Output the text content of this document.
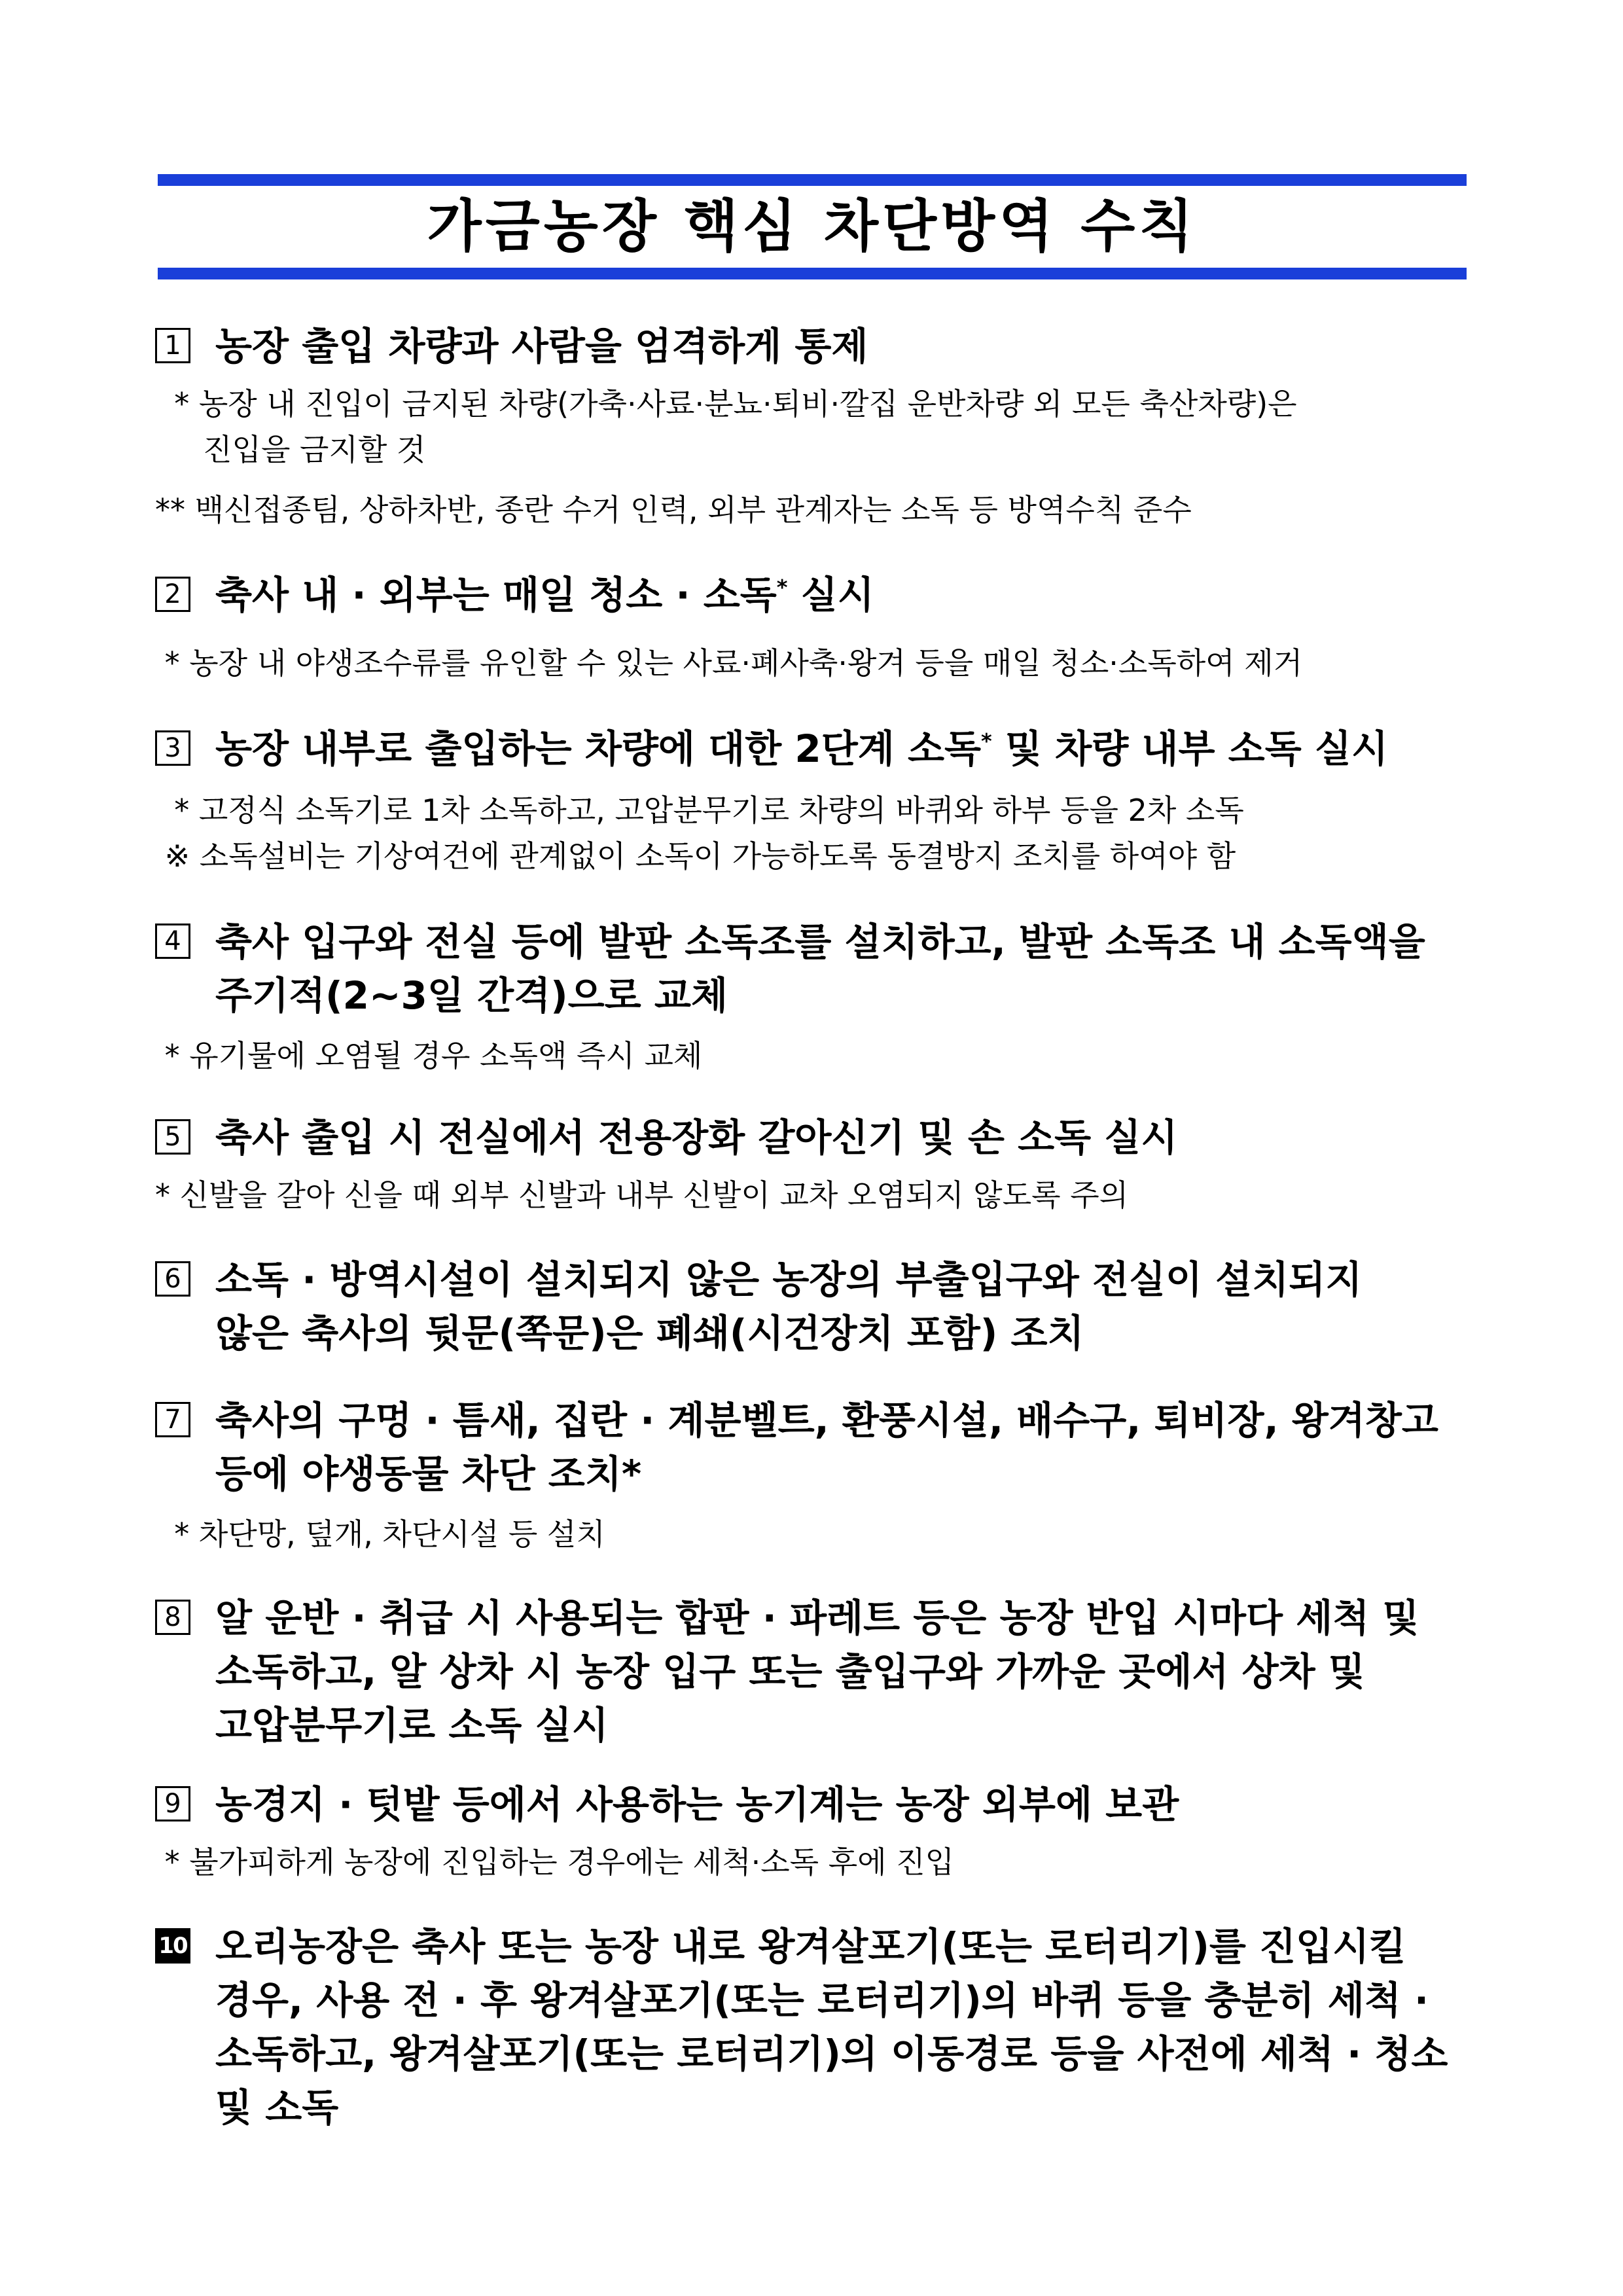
가금농장 핵심 차단방역 수칙
1 농장 출입 차량과 사람을 엄격하게 통제

* 농장 내 진입이 금지된 차량(가축·사료·분뇨·퇴비·깔집 운반차량 외 모든 축산차량)은

진입을 금지할 것

** 백신접종팀, 상하차반, 종란 수거 인력, 외부 관계자는 소독 등 방역수칙 준수

2 축사 내 · 외부는 매일 청소 · 소독* 실시

* 농장 내 야생조수류를 유인할 수 있는 사료·폐사축·왕겨 등을 매일 청소·소독하여 제거

3 농장 내부로 출입하는 차량에 대한 2단계 소독* 및 차량 내부 소독 실시

* 고정식 소독기로 1차 소독하고, 고압분무기로 차량의 바퀴와 하부 등을 2차 소독

※ 소독설비는 기상여건에 관계없이 소독이 가능하도록 동결방지 조치를 하여야 함

4 축사 입구와 전실 등에 발판 소독조를 설치하고, 발판 소독조 내 소독액을
주기적(2~3일 간격)으로 교체

* 유기물에 오염될 경우 소독액 즉시 교체

5 축사 출입 시 전실에서 전용장화 갈아신기 및 손 소독 실시

* 신발을 갈아 신을 때 외부 신발과 내부 신발이 교차 오염되지 않도록 주의

6 소독 · 방역시설이 설치되지 않은 농장의 부출입구와 전실이 설치되지
않은 축사의 뒷문(쪽문)은 폐쇄(시건장치 포함) 조치
7 축사의 구멍 · 틈새, 집란 · 계분벨트, 환풍시설, 배수구, 퇴비장, 왕겨창고
등에 야생동물 차단 조치*

* 차단망, 덮개, 차단시설 등 설치

8 알 운반 · 취급 시 사용되는 합판 · 파레트 등은 농장 반입 시마다 세척 및
소독하고, 알 상차 시 농장 입구 또는 출입구와 가까운 곳에서 상차 및
고압분무기로 소독 실시
9 농경지 · 텃밭 등에서 사용하는 농기계는 농장 외부에 보관

* 불가피하게 농장에 진입하는 경우에는 세척·소독 후에 진입

10 오리농장은 축사 또는 농장 내로 왕겨살포기(또는 로터리기)를 진입시킬
경우, 사용 전 · 후 왕겨살포기(또는 로터리기)의 바퀴 등을 충분히 세척 ·
소독하고, 왕겨살포기(또는 로터리기)의 이동경로 등을 사전에 세척 · 청소
및 소독
